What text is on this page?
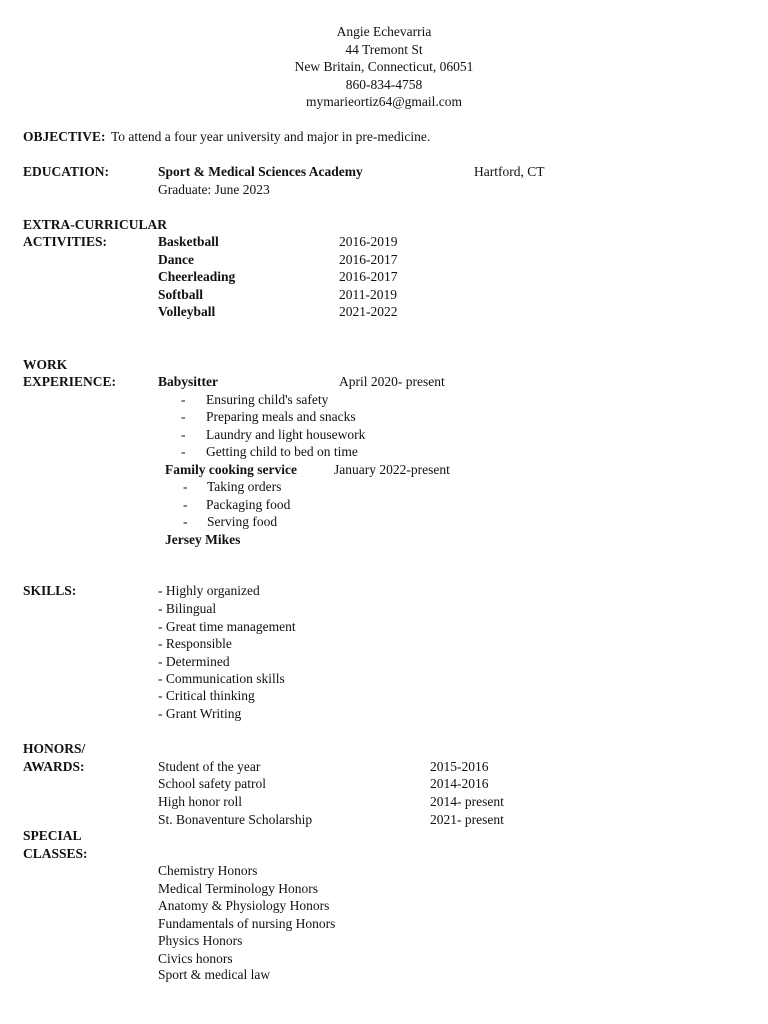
Angie Echevarria
44 Tremont St
New Britain, Connecticut, 06051
860-834-4758
mymarieortiz64@gmail.com
OBJECTIVE: To attend a four year university and major in pre-medicine.
EDUCATION:	Sport & Medical Sciences Academy	Hartford, CT
Graduate: June 2023
EXTRA-CURRICULAR
ACTIVITIES:	Basketball	2016-2019
Dance	2016-2017
Cheerleading	2016-2017
Softball	2011-2019
Volleyball	2021-2022
WORK
EXPERIENCE:	Babysitter	April 2020- present
- Ensuring child's safety
- Preparing meals and snacks
- Laundry and light housework
- Getting child to bed on time
Family cooking service	January 2022-present
- Taking orders
- Packaging food
- Serving food
Jersey Mikes
SKILLS:	- Highly organized
- Bilingual
- Great time management
- Responsible
- Determined
- Communication skills
- Critical thinking
- Grant Writing
HONORS/
AWARDS:	Student of the year	2015-2016
School safety patrol	2014-2016
High honor roll	2014- present
St. Bonaventure Scholarship	2021- present
SPECIAL
CLASSES:
Chemistry Honors
Medical Terminology Honors
Anatomy & Physiology Honors
Fundamentals of nursing Honors
Physics Honors
Civics honors
Sport & medical law
